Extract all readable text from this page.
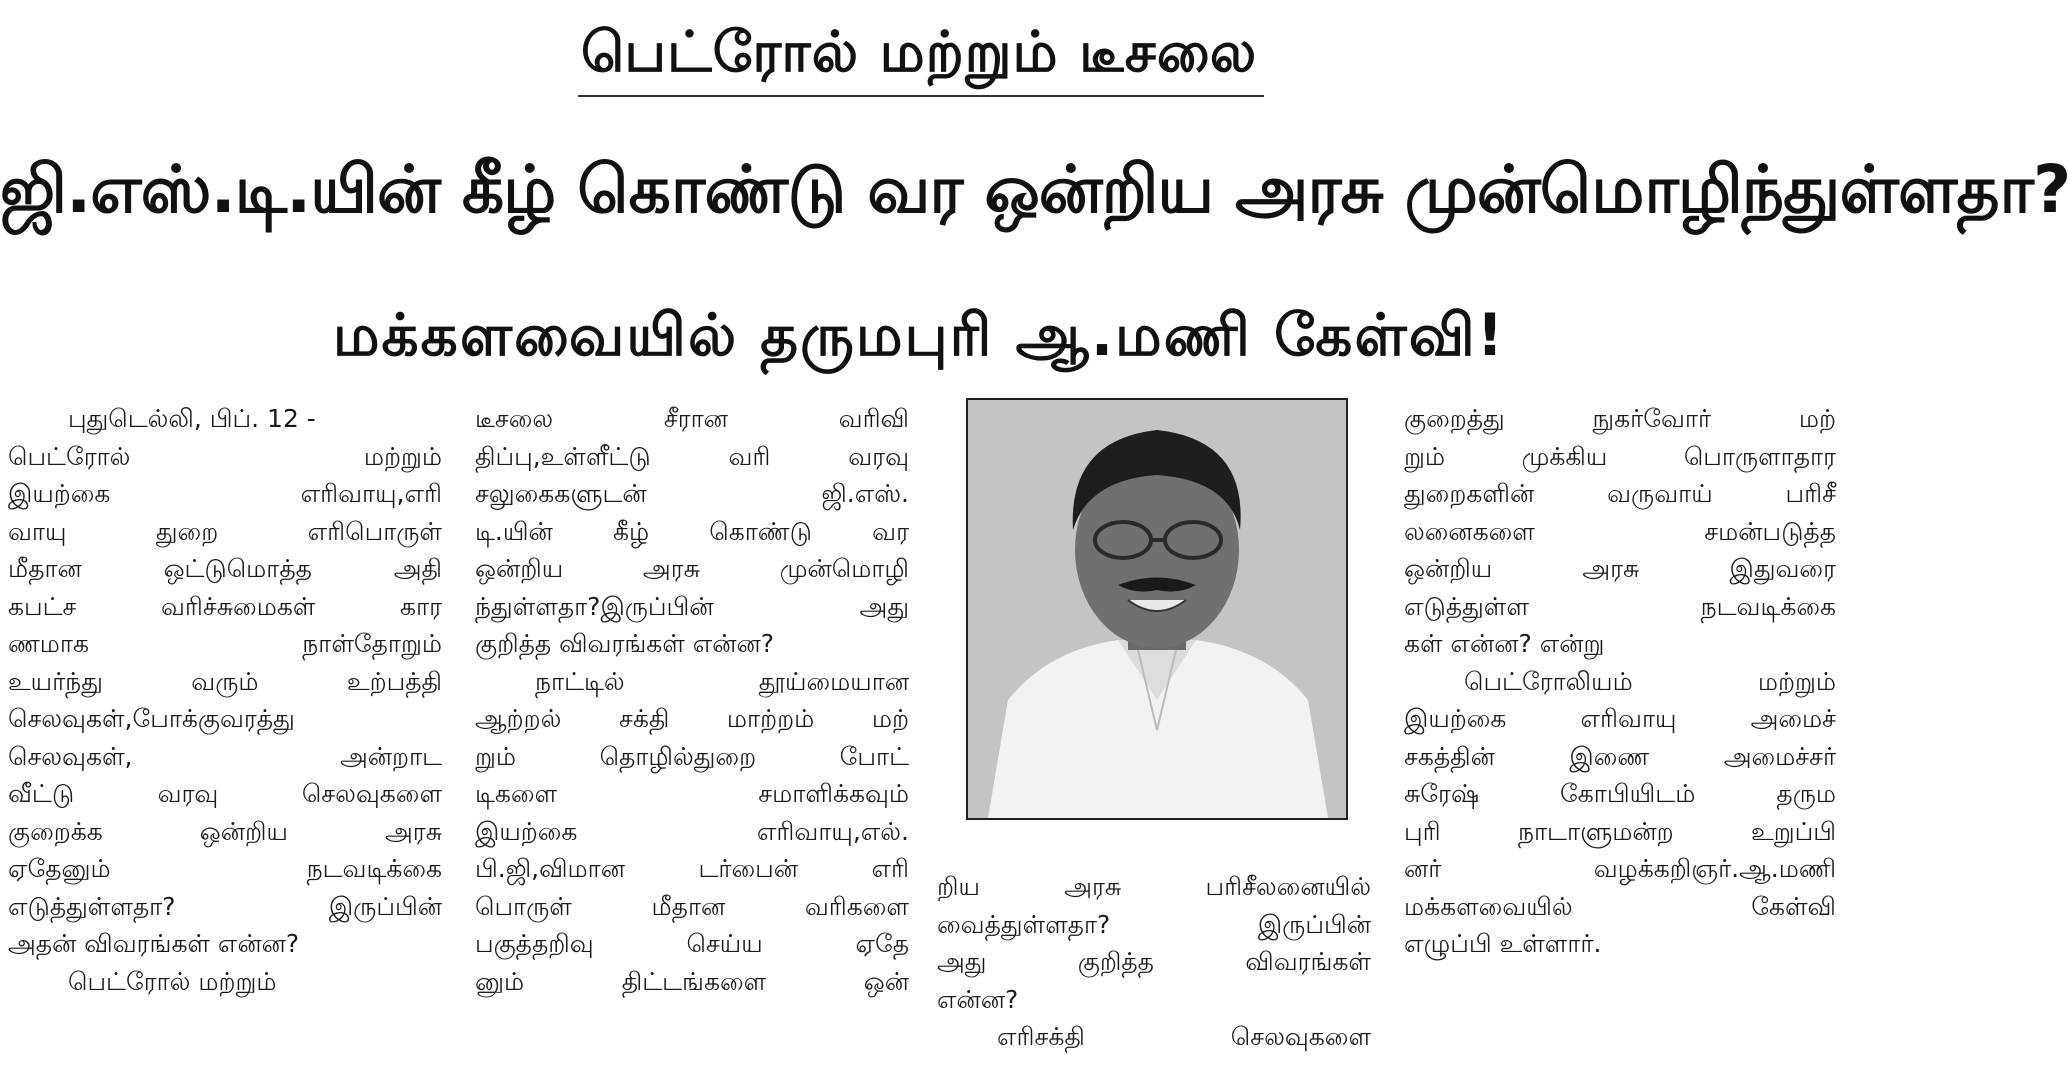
பெட்ரோல் மற்றும் டீசலை
ஜி.எஸ்.டி.யின் கீழ் கொண்டு வர ஒன்றிய அரசு முன்மொழிந்துள்ளதா?
மக்களவையில் தருமபுரி ஆ.மணி கேள்வி!
புதுடெல்லி, பிப். 12 -
பெட்ரோல் மற்றும்
இயற்கை எரிவாயு,எரி
வாயு துறை எரிபொருள்
மீதான ஒட்டுமொத்த அதி
கபட்ச வரிச்சுமைகள் கார
ணமாக நாள்தோறும்
உயர்ந்து வரும் உற்பத்தி
செலவுகள்,போக்குவரத்து
செலவுகள், அன்றாட
வீட்டு வரவு செலவுகளை
குறைக்க ஒன்றிய அரசு
ஏதேனும் நடவடிக்கை
எடுத்துள்ளதா? இருப்பின்
அதன் விவரங்கள் என்ன?
பெட்ரோல் மற்றும்
டீசலை சீரான வரிவி
திப்பு,உள்ளீட்டு வரி வரவு
சலுகைகளுடன் ஜி.எஸ்.
டி.யின் கீழ் கொண்டு வர
ஒன்றிய அரசு முன்மொழி
ந்துள்ளதா?இருப்பின் அது
குறித்த விவரங்கள் என்ன?
நாட்டில் தூய்மையான
ஆற்றல் சக்தி மாற்றம் மற்
றும் தொழில்துறை போட்
டிகளை சமாளிக்கவும்
இயற்கை எரிவாயு,எல்.
பி.ஜி,விமான டர்பைன் எரி
பொருள் மீதான வரிகளை
பகுத்தறிவு செய்ய ஏதே
னும் திட்டங்களை ஒன்
றிய அரசு பரிசீலனையில்
வைத்துள்ளதா? இருப்பின்
அது குறித்த விவரங்கள்
என்ன?
எரிசக்தி செலவுகளை
குறைத்து நுகர்வோர் மற்
றும் முக்கிய பொருளாதார
துறைகளின் வருவாய் பரிசீ
லனைகளை சமன்படுத்த
ஒன்றிய அரசு இதுவரை
எடுத்துள்ள நடவடிக்கை
கள் என்ன? என்று
பெட்ரோலியம் மற்றும்
இயற்கை எரிவாயு அமைச்
சகத்தின் இணை அமைச்சர்
சுரேஷ் கோபியிடம் தரும
புரி நாடாளுமன்ற உறுப்பி
னர் வழக்கறிஞர்.ஆ.மணி
மக்களவையில் கேள்வி
எழுப்பி உள்ளார்.
